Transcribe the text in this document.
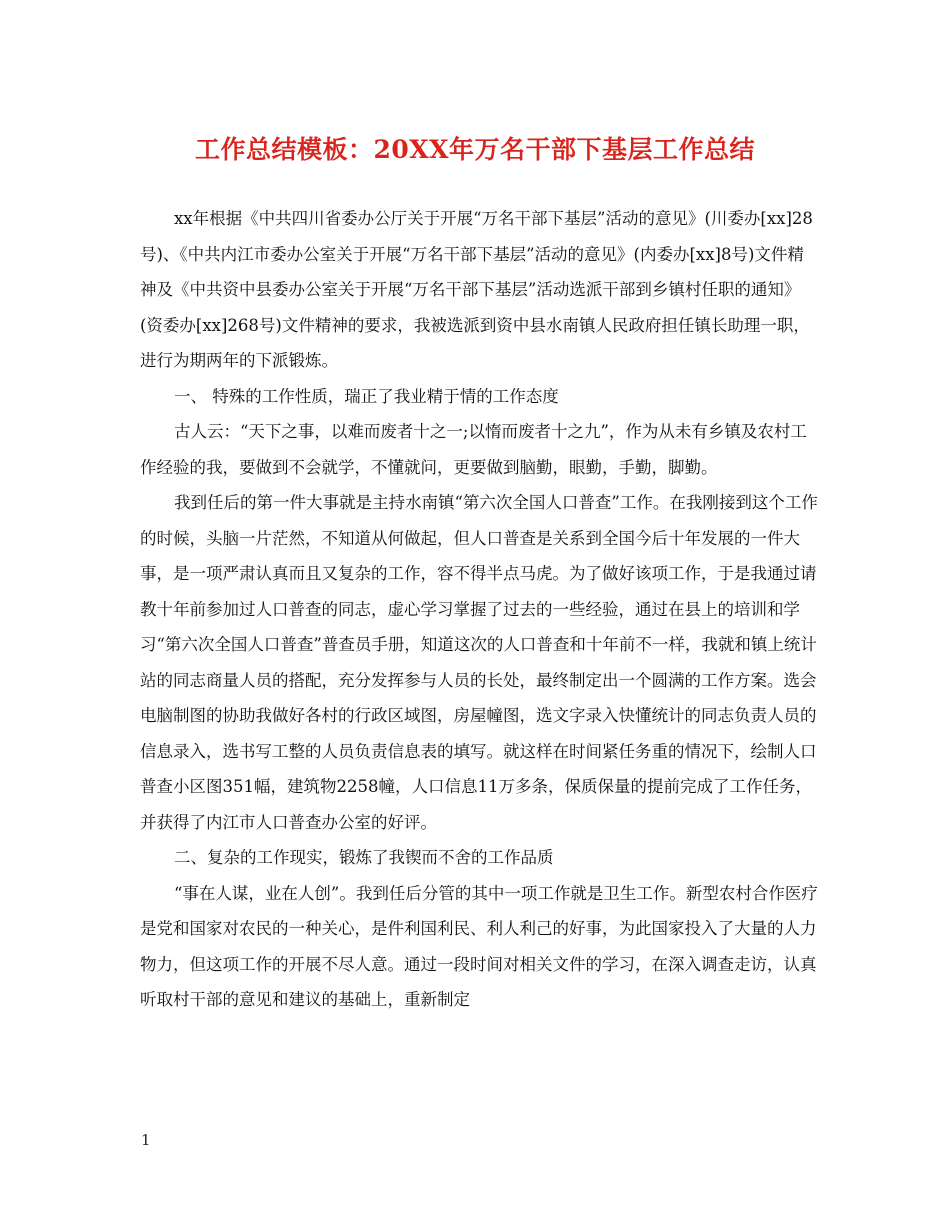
工作总结模板：20XX年万名干部下基层工作总结

xx年根据《中共四川省委办公厅关于开展“万名干部下基层”活动的意见》(川委办[xx]28号)、《中共内江市委办公室关于开展“万名干部下基层”活动的意见》(内委办[xx]8号)文件精神及《中共资中县委办公室关于开展“万名干部下基层”活动选派干部到乡镇村任职的通知》(资委办[xx]268号)文件精神的要求，我被选派到资中县水南镇人民政府担任镇长助理一职，进行为期两年的下派锻炼。

一、 特殊的工作性质，瑞正了我业精于情的工作态度

古人云：“天下之事，以难而废者十之一;以惰而废者十之九”，作为从未有乡镇及农村工作经验的我，要做到不会就学，不懂就问，更要做到脑勤，眼勤，手勤，脚勤。

我到任后的第一件大事就是主持水南镇“第六次全国人口普查”工作。在我刚接到这个工作的时候，头脑一片茫然，不知道从何做起，但人口普查是关系到全国今后十年发展的一件大事，是一项严肃认真而且又复杂的工作，容不得半点马虎。为了做好该项工作，于是我通过请教十年前参加过人口普查的同志，虚心学习掌握了过去的一些经验，通过在县上的培训和学习“第六次全国人口普查”普查员手册，知道这次的人口普查和十年前不一样，我就和镇上统计站的同志商量人员的搭配，充分发挥参与人员的长处，最终制定出一个圆满的工作方案。选会电脑制图的协助我做好各村的行政区域图，房屋幢图，选文字录入快懂统计的同志负责人员的信息录入，选书写工整的人员负责信息表的填写。就这样在时间紧任务重的情况下，绘制人口普查小区图351幅，建筑物2258幢，人口信息11万多条，保质保量的提前完成了工作任务，并获得了内江市人口普查办公室的好评。

二、复杂的工作现实，锻炼了我锲而不舍的工作品质

“事在人谋，业在人创”。我到任后分管的其中一项工作就是卫生工作。新型农村合作医疗是党和国家对农民的一种关心，是件利国利民、利人利己的好事，为此国家投入了大量的人力物力，但这项工作的开展不尽人意。通过一段时间对相关文件的学习，在深入调查走访，认真听取村干部的意见和建议的基础上，重新制定

1
